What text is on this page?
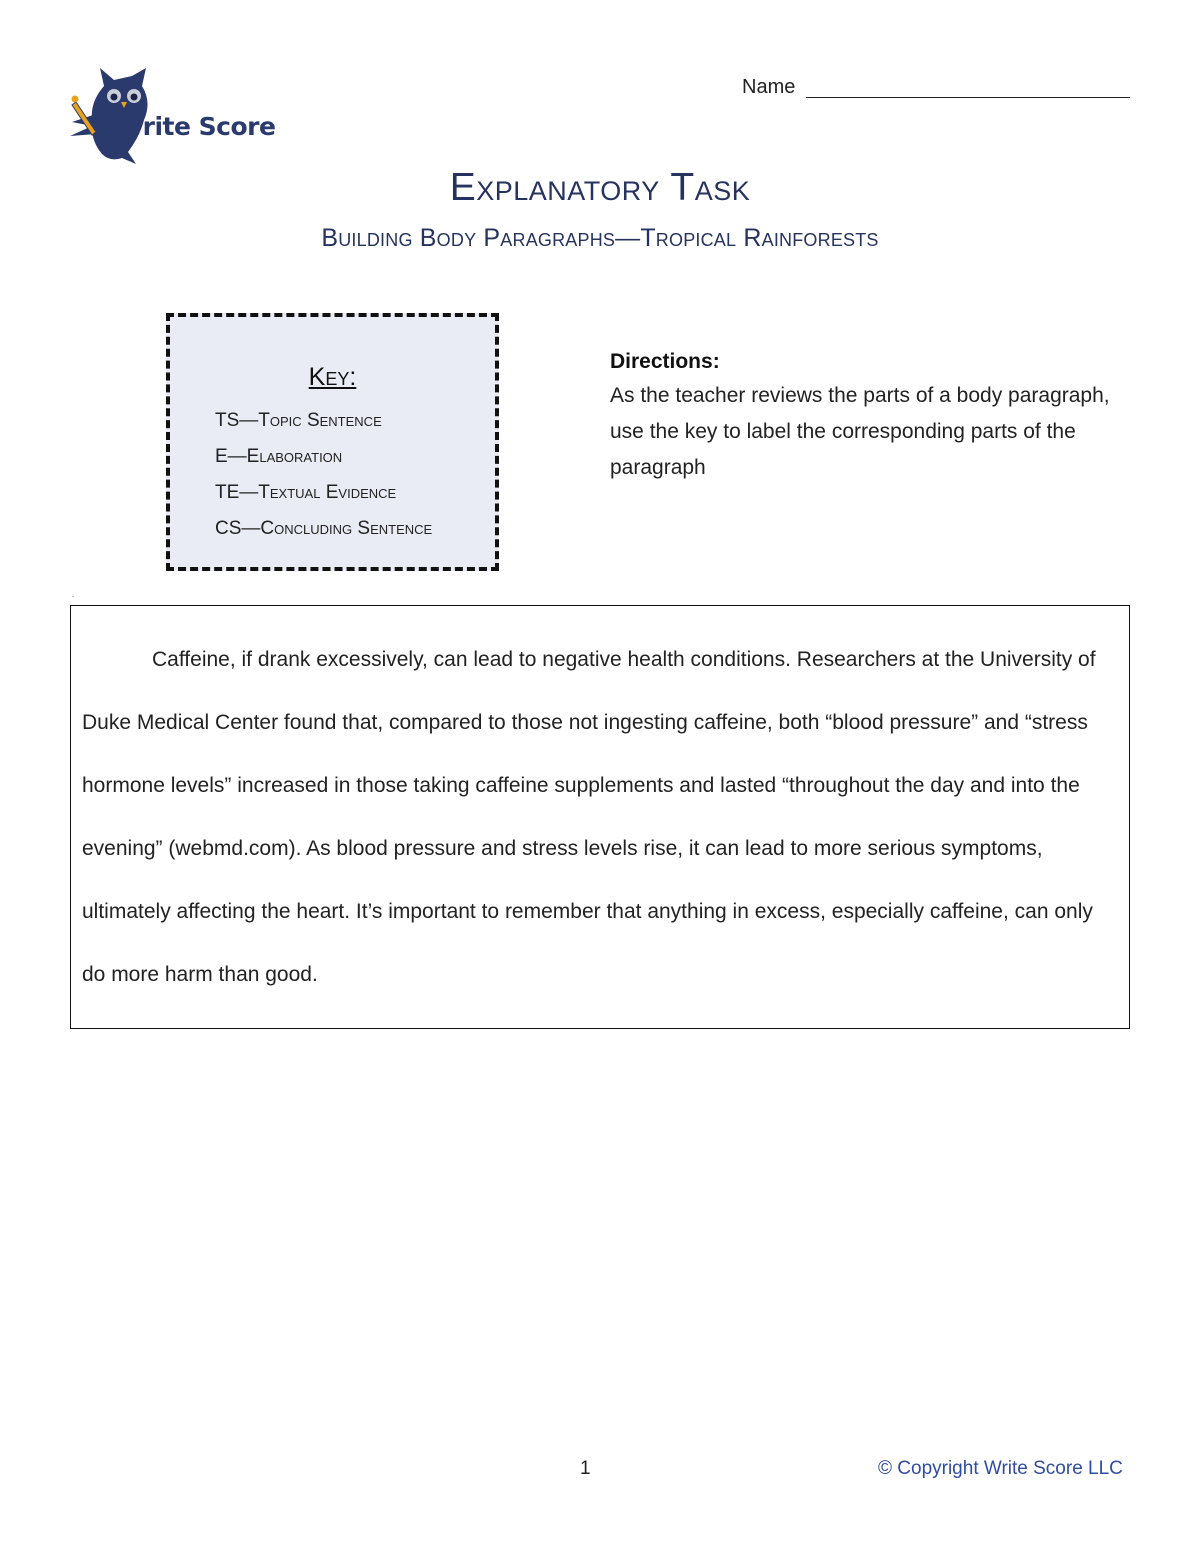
Write Score
Name
Explanatory Task
Building Body Paragraphs—Tropical Rainforests
Key:
TS—Topic Sentence
E—Elaboration
TE—Textual Evidence
CS—Concluding Sentence
Directions:

As the teacher reviews the parts of a body paragraph, use the key to label the corresponding parts of the paragraph

.

Caffeine, if drank excessively, can lead to negative health conditions. Researchers at the University of Duke Medical Center found that, compared to those not ingesting caffeine, both “blood pressure” and “stress hormone levels” increased in those taking caffeine supplements and lasted “throughout the day and into the evening” (webmd.com). As blood pressure and stress levels rise, it can lead to more serious symptoms, ultimately affecting the heart. It’s important to remember that anything in excess, especially caffeine, can only do more harm than good.

1	© Copyright Write Score LLC
